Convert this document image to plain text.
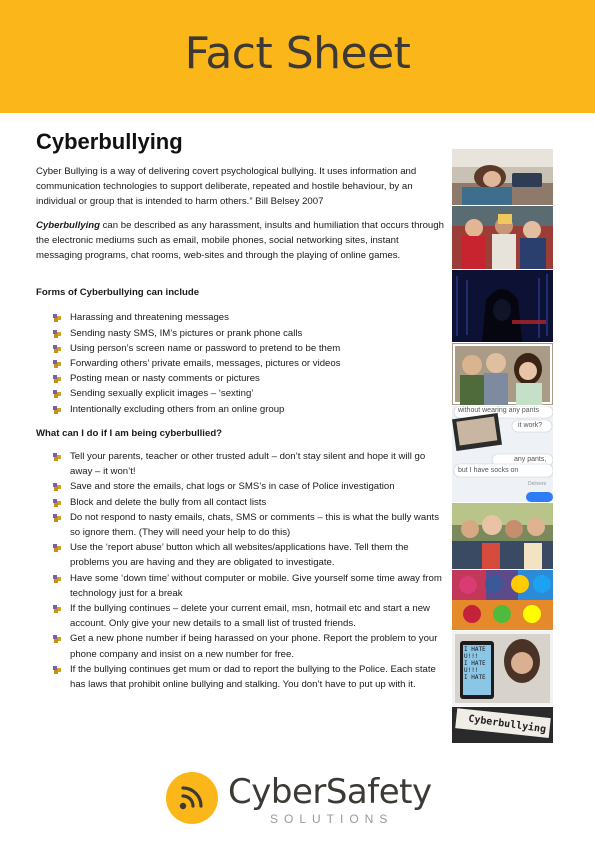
Fact Sheet
Cyberbullying

Cyber Bullying is a way of delivering covert psychological bullying. It uses information and communication technologies to support deliberate, repeated and hostile behaviour, by an individual or group that is intended to harm others.” Bill Belsey 2007

Cyberbullying can be described as any harassment, insults and humiliation that occurs through the electronic mediums such as email, mobile phones, social networking sites, instant messaging programs, chat rooms, web-sites and through the playing of online games.

Forms of Cyberbullying can include
Harassing and threatening messages
Sending nasty SMS, IM’s pictures or prank phone calls
Using person’s screen name or password to pretend to be them
Forwarding others’ private emails, messages, pictures or videos
Posting mean or nasty comments or pictures
Sending sexually explicit images – ‘sexting’
Intentionally excluding others from an online group
What can I do if I am being cyberbullied?
Tell your parents, teacher or other trusted adult – don’t stay silent and hope it will go away – it won’t!
Save and store the emails, chat logs or SMS’s in case of Police investigation
Block and delete the bully from all contact lists
Do not respond to nasty emails, chats, SMS or comments – this is what the bully wants so ignore them. (They will need your help to do this)
Use the ‘report abuse’ button which all websites/applications have. Tell them the problems you are having and they are obligated to investigate.
Have some ‘down time’ without computer or mobile. Give yourself some time away from technology just for a break
If the bullying continues – delete your current email, msn, hotmail etc and start a new account. Only give your new details to a small list of trusted friends.
Get a new phone number if being harassed on your phone. Report the problem to your phone company and insist on a new number for free.
If the bullying continues get mum or dad to report the bullying to the Police. Each state has laws that prohibit online bullying and stalking. You don’t have to put up with it.
without wearing any pants
it work?
any pants,
but I have socks on
Delivere
I HATE
U!!!
I HATE
U!!!
I HATE
Cyberbullying
CyberSafety
SOLUTIONS
